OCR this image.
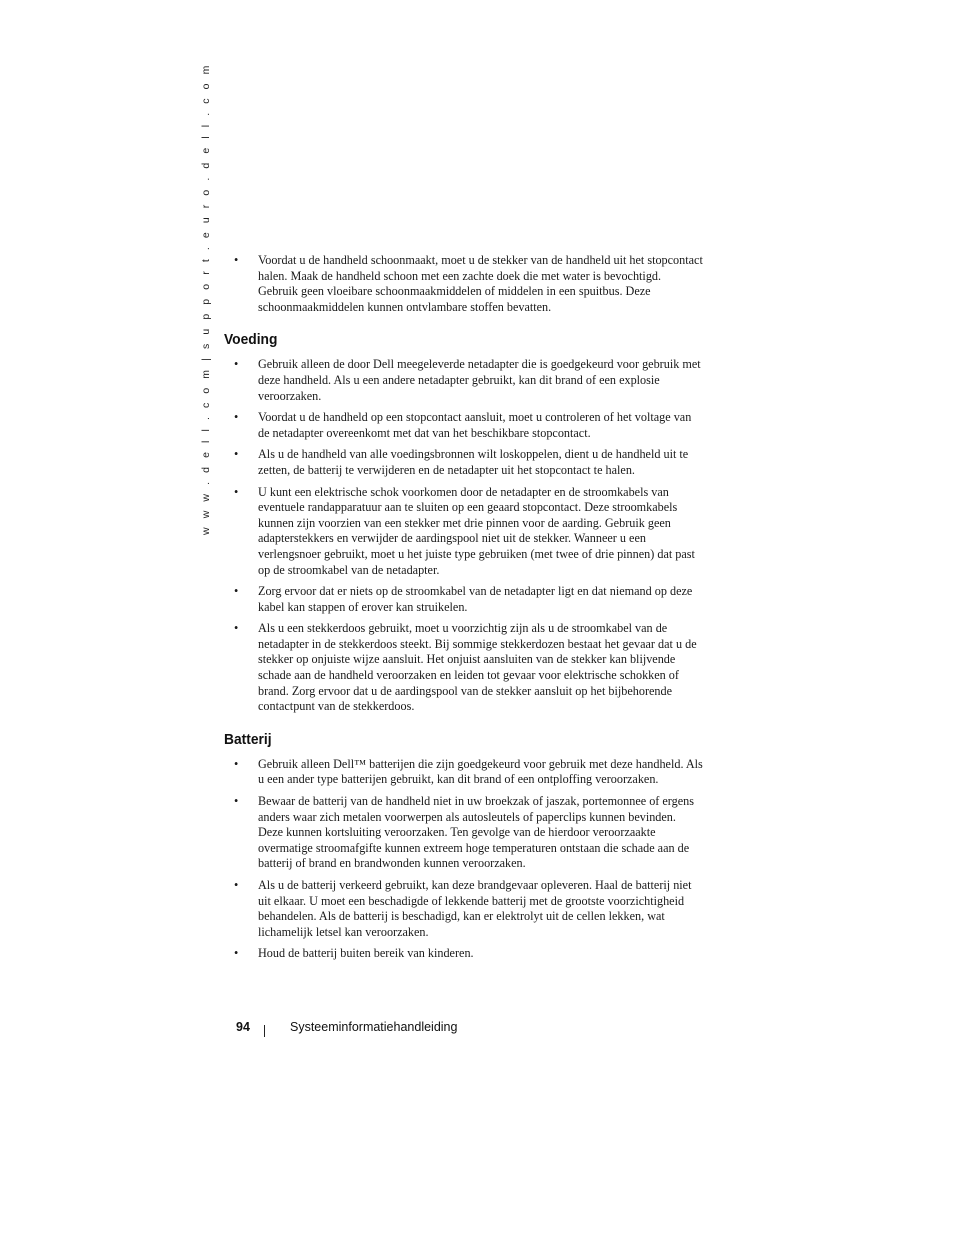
w w w . d e l l . c o m | s u p p o r t . e u r o . d e l l . c o m	• Voordat u de handheld schoonmaakt, moet u de stekker van de handheld uit het stopcontact halen. Maak de handheld schoon met een zachte doek die met water is bevochtigd. Gebruik geen vloeibare schoonmaakmiddelen of middelen in een spuitbus. Deze schoonmaakmiddelen kunnen ontvlambare stoffen bevatten.
Voeding
• Gebruik alleen de door Dell meegeleverde netadapter die is goedgekeurd voor gebruik met deze handheld. Als u een andere netadapter gebruikt, kan dit brand of een explosie veroorzaken.
• Voordat u de handheld op een stopcontact aansluit, moet u controleren of het voltage van de netadapter overeenkomt met dat van het beschikbare stopcontact.
• Als u de handheld van alle voedingsbronnen wilt loskoppelen, dient u de handheld uit te zetten, de batterij te verwijderen en de netadapter uit het stopcontact te halen.
• U kunt een elektrische schok voorkomen door de netadapter en de stroomkabels van eventuele randapparatuur aan te sluiten op een geaard stopcontact. Deze stroomkabels kunnen zijn voorzien van een stekker met drie pinnen voor de aarding. Gebruik geen adapterstekkers en verwijder de aardingspool niet uit de stekker. Wanneer u een verlengsnoer gebruikt, moet u het juiste type gebruiken (met twee of drie pinnen) dat past op de stroomkabel van de netadapter.
• Zorg ervoor dat er niets op de stroomkabel van de netadapter ligt en dat niemand op deze kabel kan stappen of erover kan struikelen.
• Als u een stekkerdoos gebruikt, moet u voorzichtig zijn als u de stroomkabel van de netadapter in de stekkerdoos steekt. Bij sommige stekkerdozen bestaat het gevaar dat u de stekker op onjuiste wijze aansluit. Het onjuist aansluiten van de stekker kan blijvende schade aan de handheld veroorzaken en leiden tot gevaar voor elektrische schokken of brand. Zorg ervoor dat u de aardingspool van de stekker aansluit op het bijbehorende contactpunt van de stekkerdoos.
Batterij
• Gebruik alleen Dell™ batterijen die zijn goedgekeurd voor gebruik met deze handheld. Als u een ander type batterijen gebruikt, kan dit brand of een ontploffing veroorzaken.
• Bewaar de batterij van de handheld niet in uw broekzak of jaszak, portemonnee of ergens anders waar zich metalen voorwerpen als autosleutels of paperclips kunnen bevinden. Deze kunnen kortsluiting veroorzaken. Ten gevolge van de hierdoor veroorzaakte overmatige stroomafgifte kunnen extreem hoge temperaturen ontstaan die schade aan de batterij of brand en brandwonden kunnen veroorzaken.
• Als u de batterij verkeerd gebruikt, kan deze brandgevaar opleveren. Haal de batterij niet uit elkaar. U moet een beschadigde of lekkende batterij met de grootste voorzichtigheid behandelen. Als de batterij is beschadigd, kan er elektrolyt uit de cellen lekken, wat lichamelijk letsel kan veroorzaken.
• Houd de batterij buiten bereik van kinderen.
94	Systeeminformatiehandleiding
